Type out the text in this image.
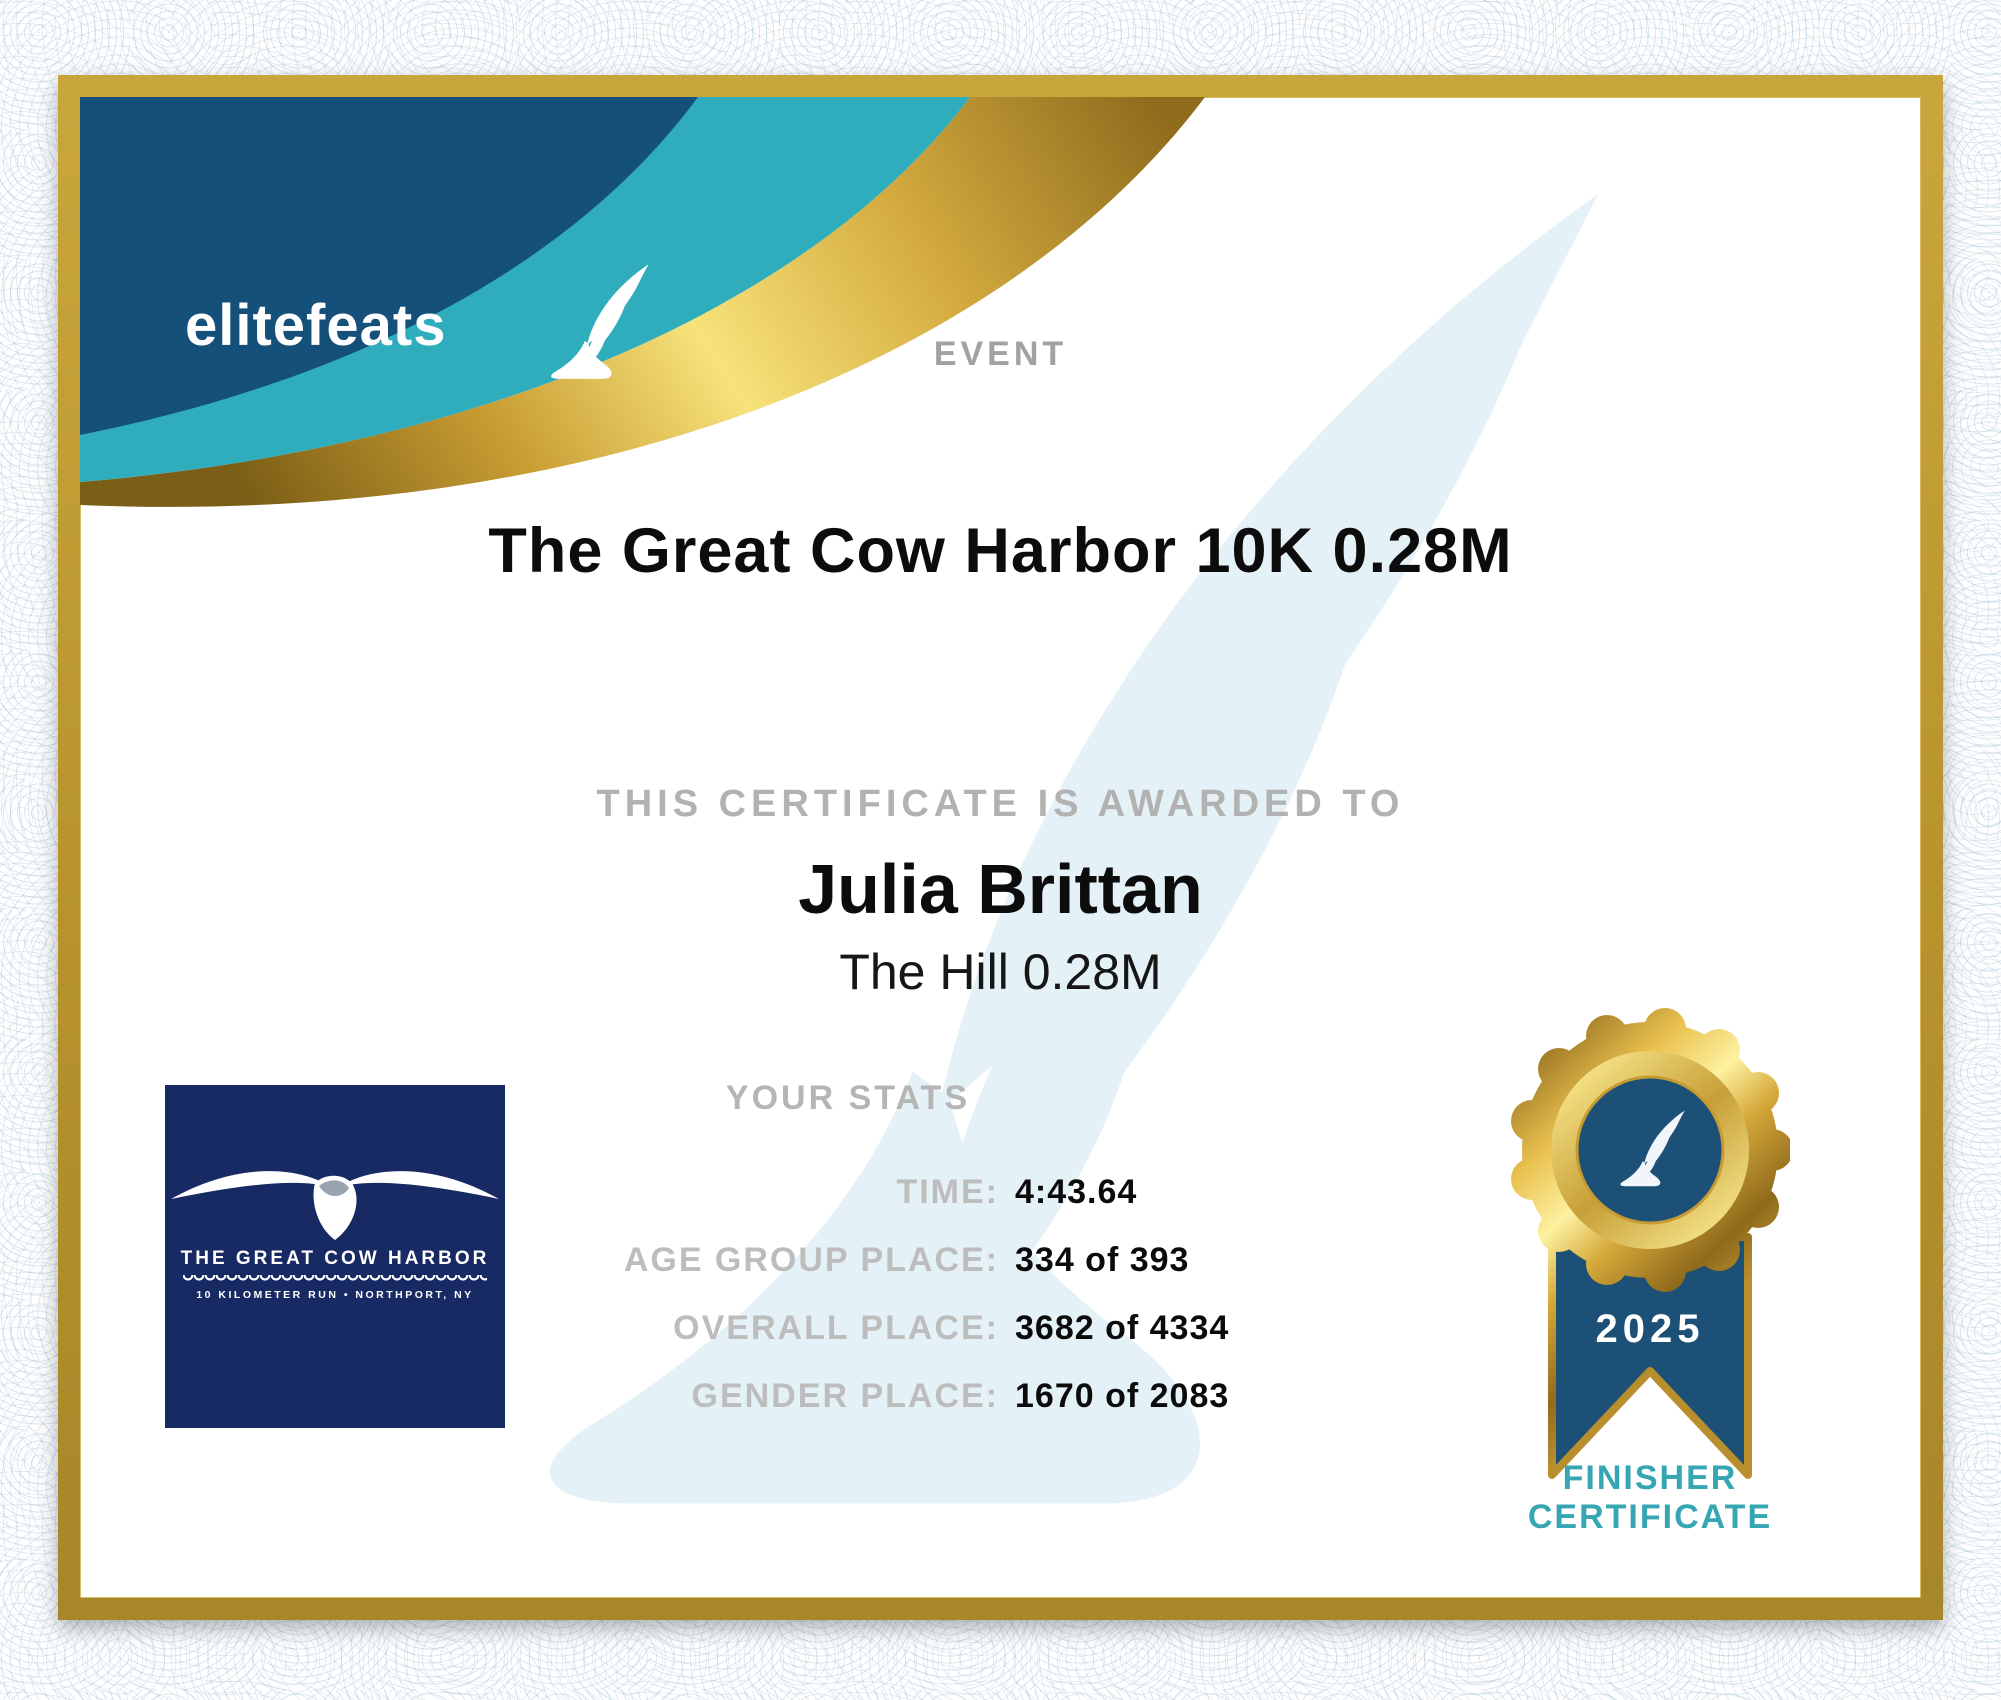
elitefeats	EVENT
The Great Cow Harbor 10K 0.28M
THIS CERTIFICATE IS AWARDED TO
Julia Brittan
The Hill 0.28M
YOUR STATS
TIME: 4:43.64
AGE GROUP PLACE: 334 of 393
OVERALL PLACE: 3682 of 4334
GENDER PLACE: 1670 of 2083
THE GREAT COW HARBOR
10 KILOMETER RUN • NORTHPORT, NY
2025
FINISHER
CERTIFICATE
